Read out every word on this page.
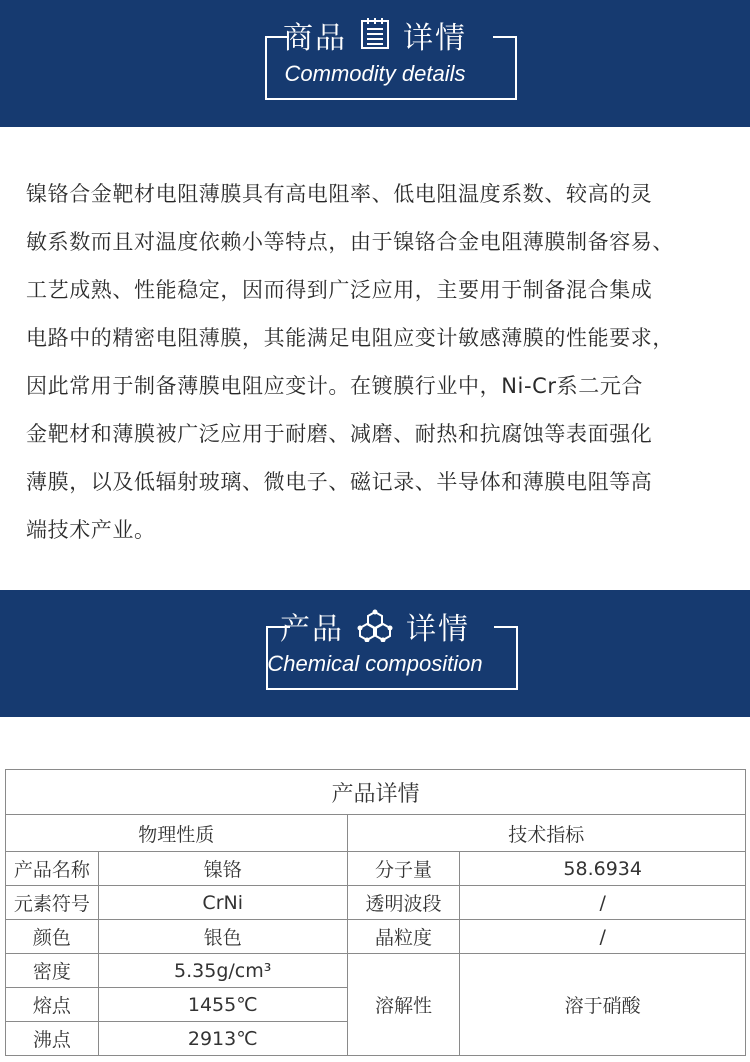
商品 详情
Commodity details
镍铬合金靶材电阻薄膜具有高电阻率、低电阻温度系数、较高的灵
敏系数而且对温度依赖小等特点，由于镍铬合金电阻薄膜制备容易、
工艺成熟、性能稳定，因而得到广泛应用，主要用于制备混合集成
电路中的精密电阻薄膜，其能满足电阻应变计敏感薄膜的性能要求，
因此常用于制备薄膜电阻应变计。在镀膜行业中，Ni-Cr系二元合
金靶材和薄膜被广泛应用于耐磨、减磨、耐热和抗腐蚀等表面强化
薄膜，以及低辐射玻璃、微电子、磁记录、半导体和薄膜电阻等高
端技术产业。
产品 详情
Chemical composition
产品详情			
物理性质		技术指标	
产品名称	镍铬	分子量	58.6934
元素符号	CrNi	透明波段	/
颜色	银色	晶粒度	/
密度	5.35g/cm³	溶解性	溶于硝酸
熔点	1455℃		
沸点	2913℃		
